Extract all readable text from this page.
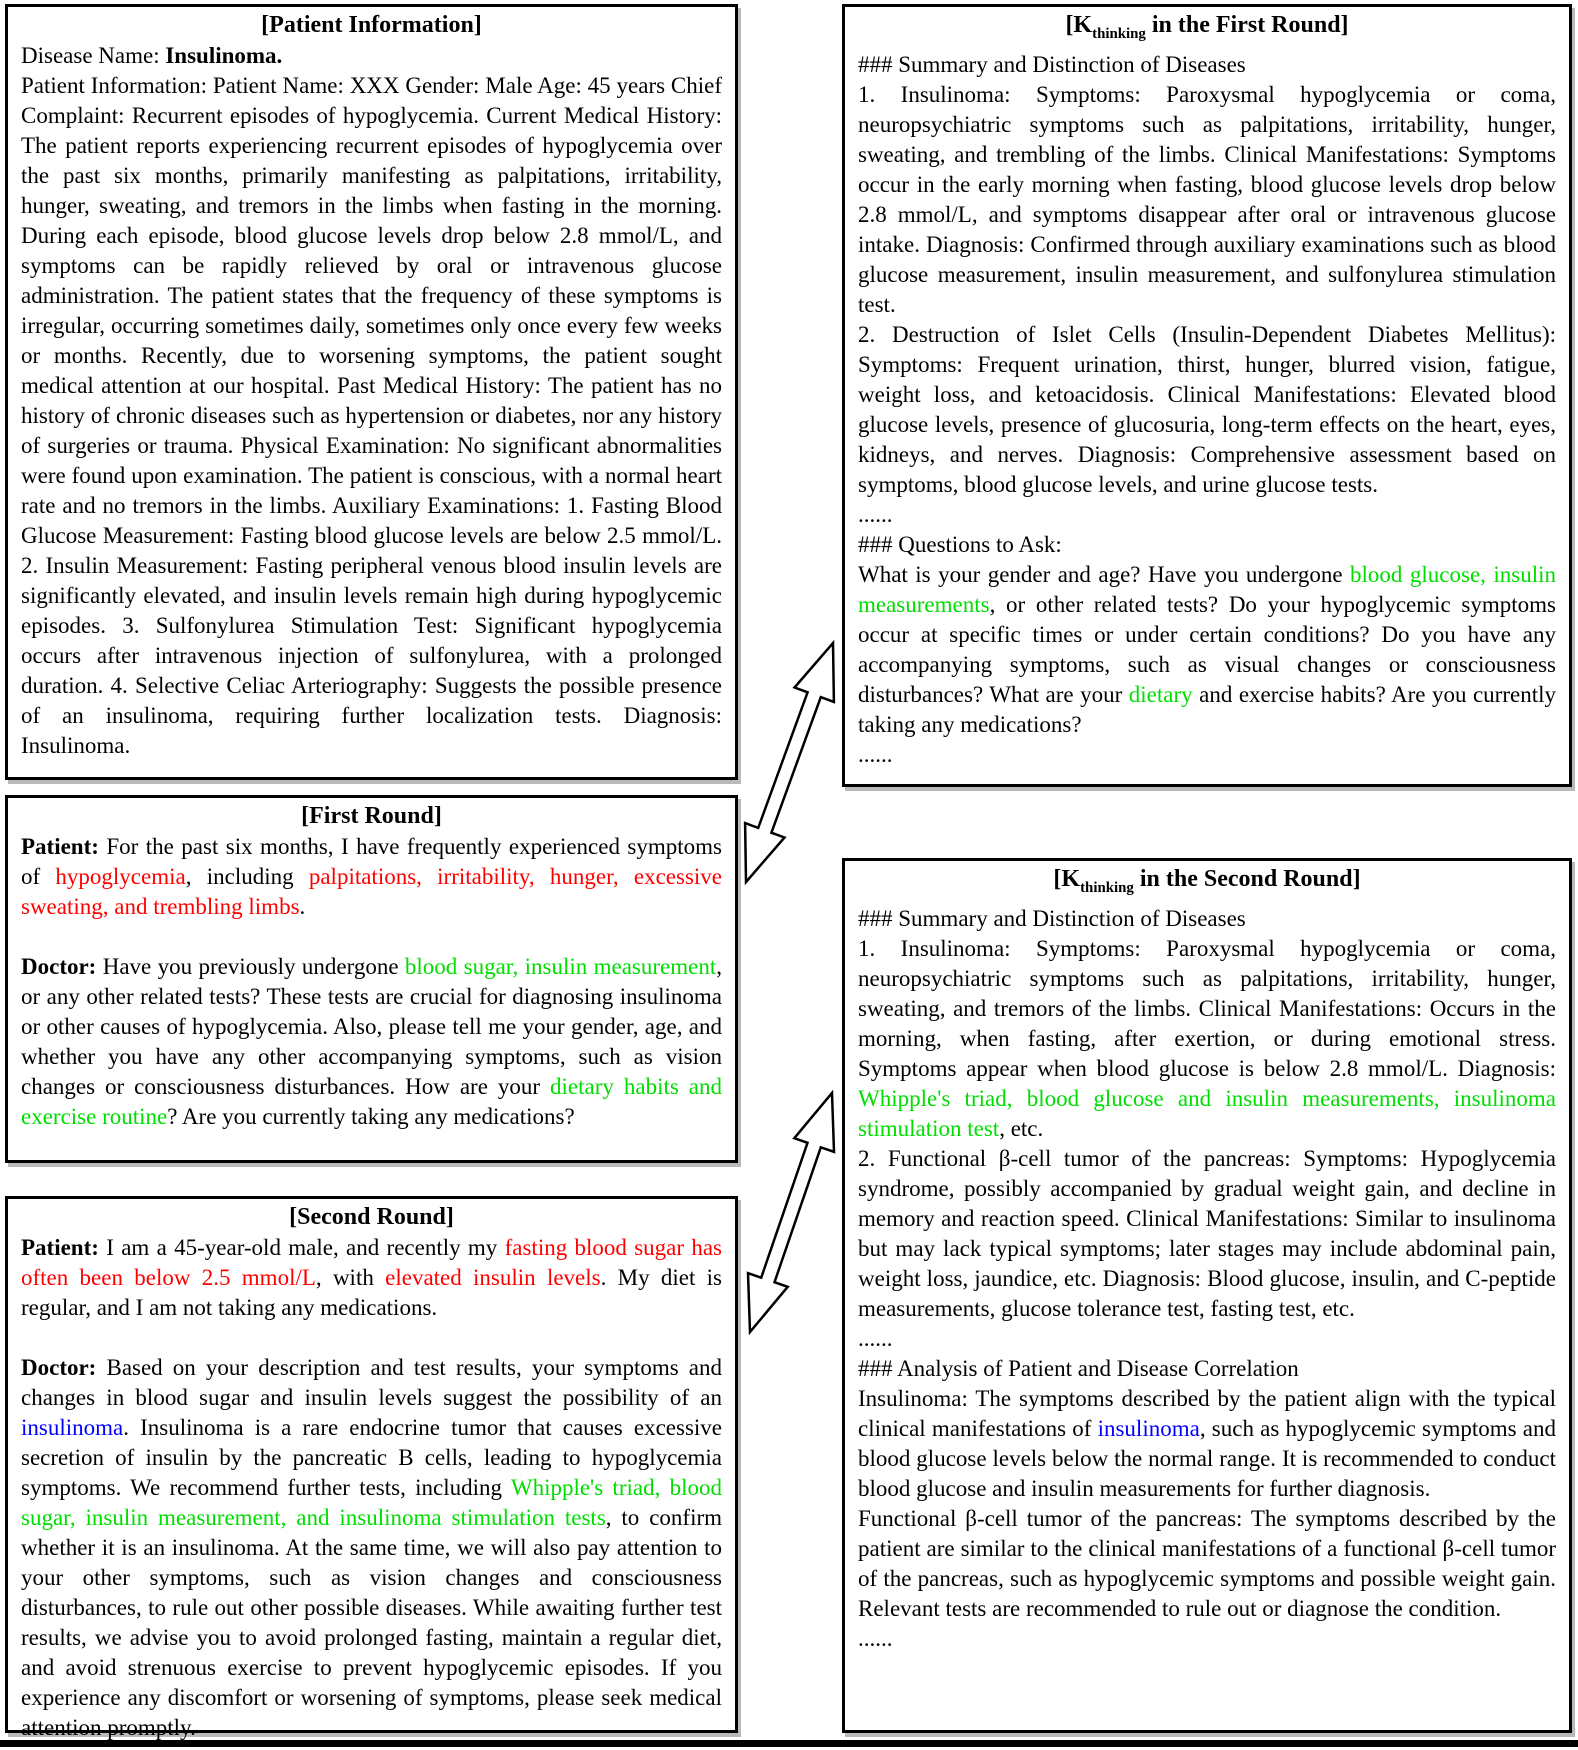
[Patient Information]

Disease Name: Insulinoma.

Patient Information: Patient Name: XXX Gender: Male Age: 45 years Chief Complaint: Recurrent episodes of hypoglycemia. Current Medical History: The patient reports experiencing recurrent episodes of hypoglycemia over the past six months, primarily manifesting as palpitations, irritability, hunger, sweating, and tremors in the limbs when fasting in the morning. During each episode, blood glucose levels drop below 2.8 mmol/L, and symptoms can be rapidly relieved by oral or intravenous glucose administration. The patient states that the frequency of these symptoms is irregular, occurring sometimes daily, sometimes only once every few weeks or months. Recently, due to worsening symptoms, the patient sought medical attention at our hospital. Past Medical History: The patient has no history of chronic diseases such as hypertension or diabetes, nor any history of surgeries or trauma. Physical Examination: No significant abnormalities were found upon examination. The patient is conscious, with a normal heart rate and no tremors in the limbs. Auxiliary Examinations: 1. Fasting Blood Glucose Measurement: Fasting blood glucose levels are below 2.5 mmol/L. 2. Insulin Measurement: Fasting peripheral venous blood insulin levels are significantly elevated, and insulin levels remain high during hypoglycemic episodes. 3. Sulfonylurea Stimulation Test: Significant hypoglycemia occurs after intravenous injection of sulfonylurea, with a prolonged duration. 4. Selective Celiac Arteriography: Suggests the possible presence of an insulinoma, requiring further localization tests. Diagnosis: Insulinoma.

[First Round]

Patient: For the past six months, I have frequently experienced symptoms of hypoglycemia, including palpitations, irritability, hunger, excessive sweating, and trembling limbs.

Doctor: Have you previously undergone blood sugar, insulin measurement, or any other related tests? These tests are crucial for diagnosing insulinoma or other causes of hypoglycemia. Also, please tell me your gender, age, and whether you have any other accompanying symptoms, such as vision changes or consciousness disturbances. How are your dietary habits and exercise routine? Are you currently taking any medications?

[Second Round]

Patient: I am a 45-year-old male, and recently my fasting blood sugar has often been below 2.5 mmol/L, with elevated insulin levels. My diet is regular, and I am not taking any medications.

Doctor: Based on your description and test results, your symptoms and changes in blood sugar and insulin levels suggest the possibility of an insulinoma. Insulinoma is a rare endocrine tumor that causes excessive secretion of insulin by the pancreatic B cells, leading to hypoglycemia symptoms. We recommend further tests, including Whipple's triad, blood sugar, insulin measurement, and insulinoma stimulation tests, to confirm whether it is an insulinoma. At the same time, we will also pay attention to your other symptoms, such as vision changes and consciousness disturbances, to rule out other possible diseases. While awaiting further test results, we advise you to avoid prolonged fasting, maintain a regular diet, and avoid strenuous exercise to prevent hypoglycemic episodes. If you experience any discomfort or worsening of symptoms, please seek medical attention promptly.

[$K_{thinking}$ in the First Round]

### Summary and Distinction of Diseases

1. Insulinoma: Symptoms: Paroxysmal hypoglycemia or coma, neuropsychiatric symptoms such as palpitations, irritability, hunger, sweating, and trembling of the limbs. Clinical Manifestations: Symptoms occur in the early morning when fasting, blood glucose levels drop below 2.8 mmol/L, and symptoms disappear after oral or intravenous glucose intake. Diagnosis: Confirmed through auxiliary examinations such as blood glucose measurement, insulin measurement, and sulfonylurea stimulation test.

2. Destruction of Islet Cells (Insulin-Dependent Diabetes Mellitus): Symptoms: Frequent urination, thirst, hunger, blurred vision, fatigue, weight loss, and ketoacidosis. Clinical Manifestations: Elevated blood glucose levels, presence of glucosuria, long-term effects on the heart, eyes, kidneys, and nerves. Diagnosis: Comprehensive assessment based on symptoms, blood glucose levels, and urine glucose tests.

......

### Questions to Ask:

What is your gender and age? Have you undergone blood glucose, insulin measurements, or other related tests? Do your hypoglycemic symptoms occur at specific times or under certain conditions? Do you have any accompanying symptoms, such as visual changes or consciousness disturbances? What are your dietary and exercise habits? Are you currently taking any medications?

......

[$K_{thinking}$ in the Second Round]

### Summary and Distinction of Diseases

1. Insulinoma: Symptoms: Paroxysmal hypoglycemia or coma, neuropsychiatric symptoms such as palpitations, irritability, hunger, sweating, and tremors of the limbs. Clinical Manifestations: Occurs in the morning, when fasting, after exertion, or during emotional stress. Symptoms appear when blood glucose is below 2.8 mmol/L. Diagnosis: Whipple's triad, blood glucose and insulin measurements, insulinoma stimulation test, etc.

2. Functional β-cell tumor of the pancreas: Symptoms: Hypoglycemia syndrome, possibly accompanied by gradual weight gain, and decline in memory and reaction speed. Clinical Manifestations: Similar to insulinoma but may lack typical symptoms; later stages may include abdominal pain, weight loss, jaundice, etc. Diagnosis: Blood glucose, insulin, and C-peptide measurements, glucose tolerance test, fasting test, etc.

......

### Analysis of Patient and Disease Correlation

Insulinoma: The symptoms described by the patient align with the typical clinical manifestations of insulinoma, such as hypoglycemic symptoms and blood glucose levels below the normal range. It is recommended to conduct blood glucose and insulin measurements for further diagnosis.

Functional β-cell tumor of the pancreas: The symptoms described by the patient are similar to the clinical manifestations of a functional β-cell tumor of the pancreas, such as hypoglycemic symptoms and possible weight gain. Relevant tests are recommended to rule out or diagnose the condition.

......
